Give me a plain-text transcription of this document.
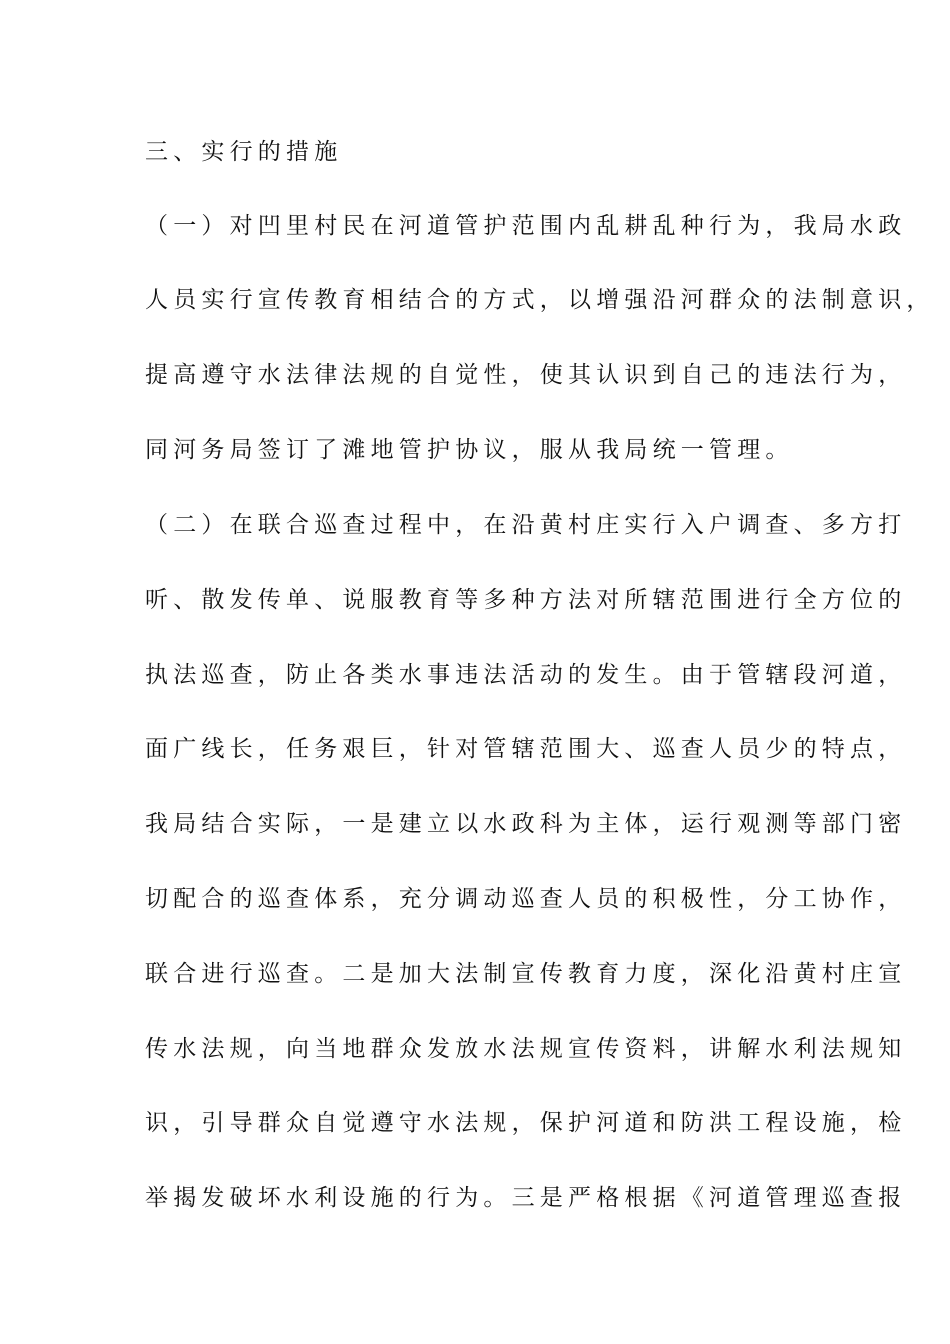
三、实行的措施
（一）对凹里村民在河道管护范围内乱耕乱种行为，我局水政
人员实行宣传教育相结合的方式，以增强沿河群众的法制意识，
提高遵守水法律法规的自觉性，使其认识到自己的违法行为，
同河务局签订了滩地管护协议，服从我局统一管理。
（二）在联合巡查过程中，在沿黄村庄实行入户调查、多方打
听、散发传单、说服教育等多种方法对所辖范围进行全方位的
执法巡查，防止各类水事违法活动的发生。由于管辖段河道，
面广线长，任务艰巨，针对管辖范围大、巡查人员少的特点，
我局结合实际，一是建立以水政科为主体，运行观测等部门密
切配合的巡查体系，充分调动巡查人员的积极性，分工协作，
联合进行巡查。二是加大法制宣传教育力度，深化沿黄村庄宣
传水法规，向当地群众发放水法规宣传资料，讲解水利法规知
识，引导群众自觉遵守水法规，保护河道和防洪工程设施，检
举揭发破坏水利设施的行为。三是严格根据《河道管理巡查报
